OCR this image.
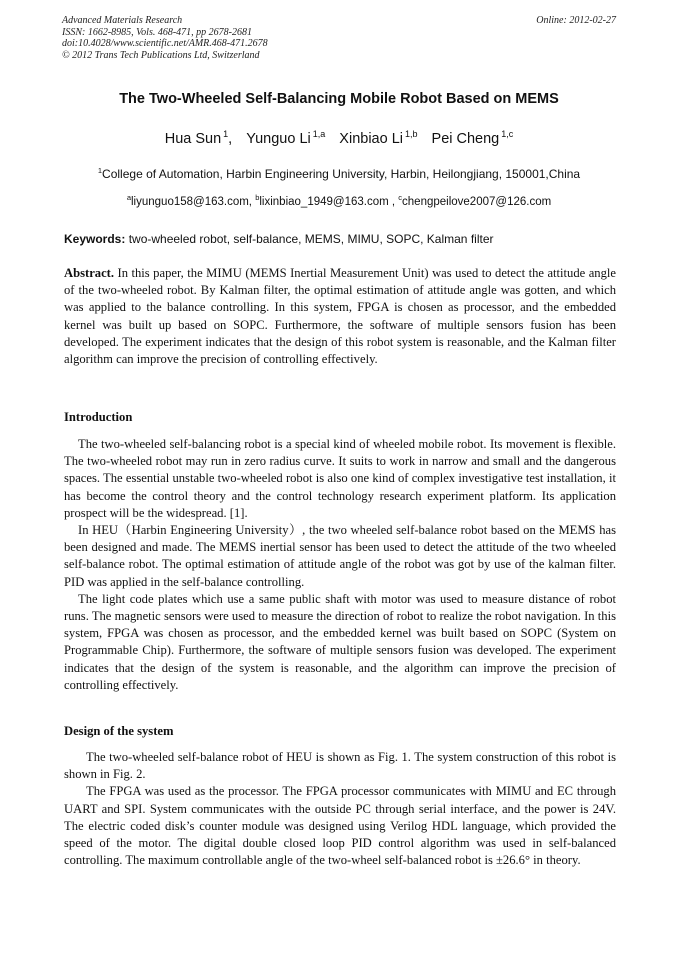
Advanced Materials Research
ISSN: 1662-8985, Vols. 468-471, pp 2678-2681
doi:10.4028/www.scientific.net/AMR.468-471.2678
© 2012 Trans Tech Publications Ltd, Switzerland
Online: 2012-02-27
The Two-Wheeled Self-Balancing Mobile Robot Based on MEMS
Hua Sun $^1$, Yunguo Li $^{1,a}$ Xinbiao Li $^{1,b}$ Pei Cheng $^{1,c}$
$^1$College of Automation, Harbin Engineering University, Harbin, Heilongjiang, 150001,China
$^a$liyunguo158@163.com, $^b$lixinbiao_1949@163.com , $^c$chengpeilove2007@126.com
Keywords: two-wheeled robot, self-balance, MEMS, MIMU, SOPC, Kalman filter
Abstract. In this paper, the MIMU (MEMS Inertial Measurement Unit) was used to detect the attitude angle of the two-wheeled robot. By Kalman filter, the optimal estimation of attitude angle was gotten, and which was applied to the balance controlling. In this system, FPGA is chosen as processor, and the embedded kernel was built up based on SOPC. Furthermore, the software of multiple sensors fusion has been developed. The experiment indicates that the design of this robot system is reasonable, and the Kalman filter algorithm can improve the precision of controlling effectively.
Introduction

The two-wheeled self-balancing robot is a special kind of wheeled mobile robot. Its movement is flexible. The two-wheeled robot may run in zero radius curve. It suits to work in narrow and small and the dangerous spaces. The essential unstable two-wheeled robot is also one kind of complex investigative test installation, it has become the control theory and the control technology research experiment platform. Its application prospect will be the widespread. [1].

In HEU（Harbin Engineering University）, the two wheeled self-balance robot based on the MEMS has been designed and made. The MEMS inertial sensor has been used to detect the attitude of the two wheeled self-balance robot. The optimal estimation of attitude angle of the robot was got by use of the kalman filter. PID was applied in the self-balance controlling.

The light code plates which use a same public shaft with motor was used to measure distance of robot runs. The magnetic sensors were used to measure the direction of robot to realize the robot navigation. In this system, FPGA was chosen as processor, and the embedded kernel was built based on SOPC (System on Programmable Chip). Furthermore, the software of multiple sensors fusion was developed. The experiment indicates that the design of the system is reasonable, and the algorithm can improve the precision of controlling effectively.

Design of the system

The two-wheeled self-balance robot of HEU is shown as Fig. 1. The system construction of this robot is shown in Fig. 2.

The FPGA was used as the processor. The FPGA processor communicates with MIMU and EC through UART and SPI. System communicates with the outside PC through serial interface, and the power is 24V. The electric coded disk’s counter module was designed using Verilog HDL language, which provided the speed of the motor. The digital double closed loop PID control algorithm was used in self-balanced controlling. The maximum controllable angle of the two-wheel self-balanced robot is ±26.6° in theory.
